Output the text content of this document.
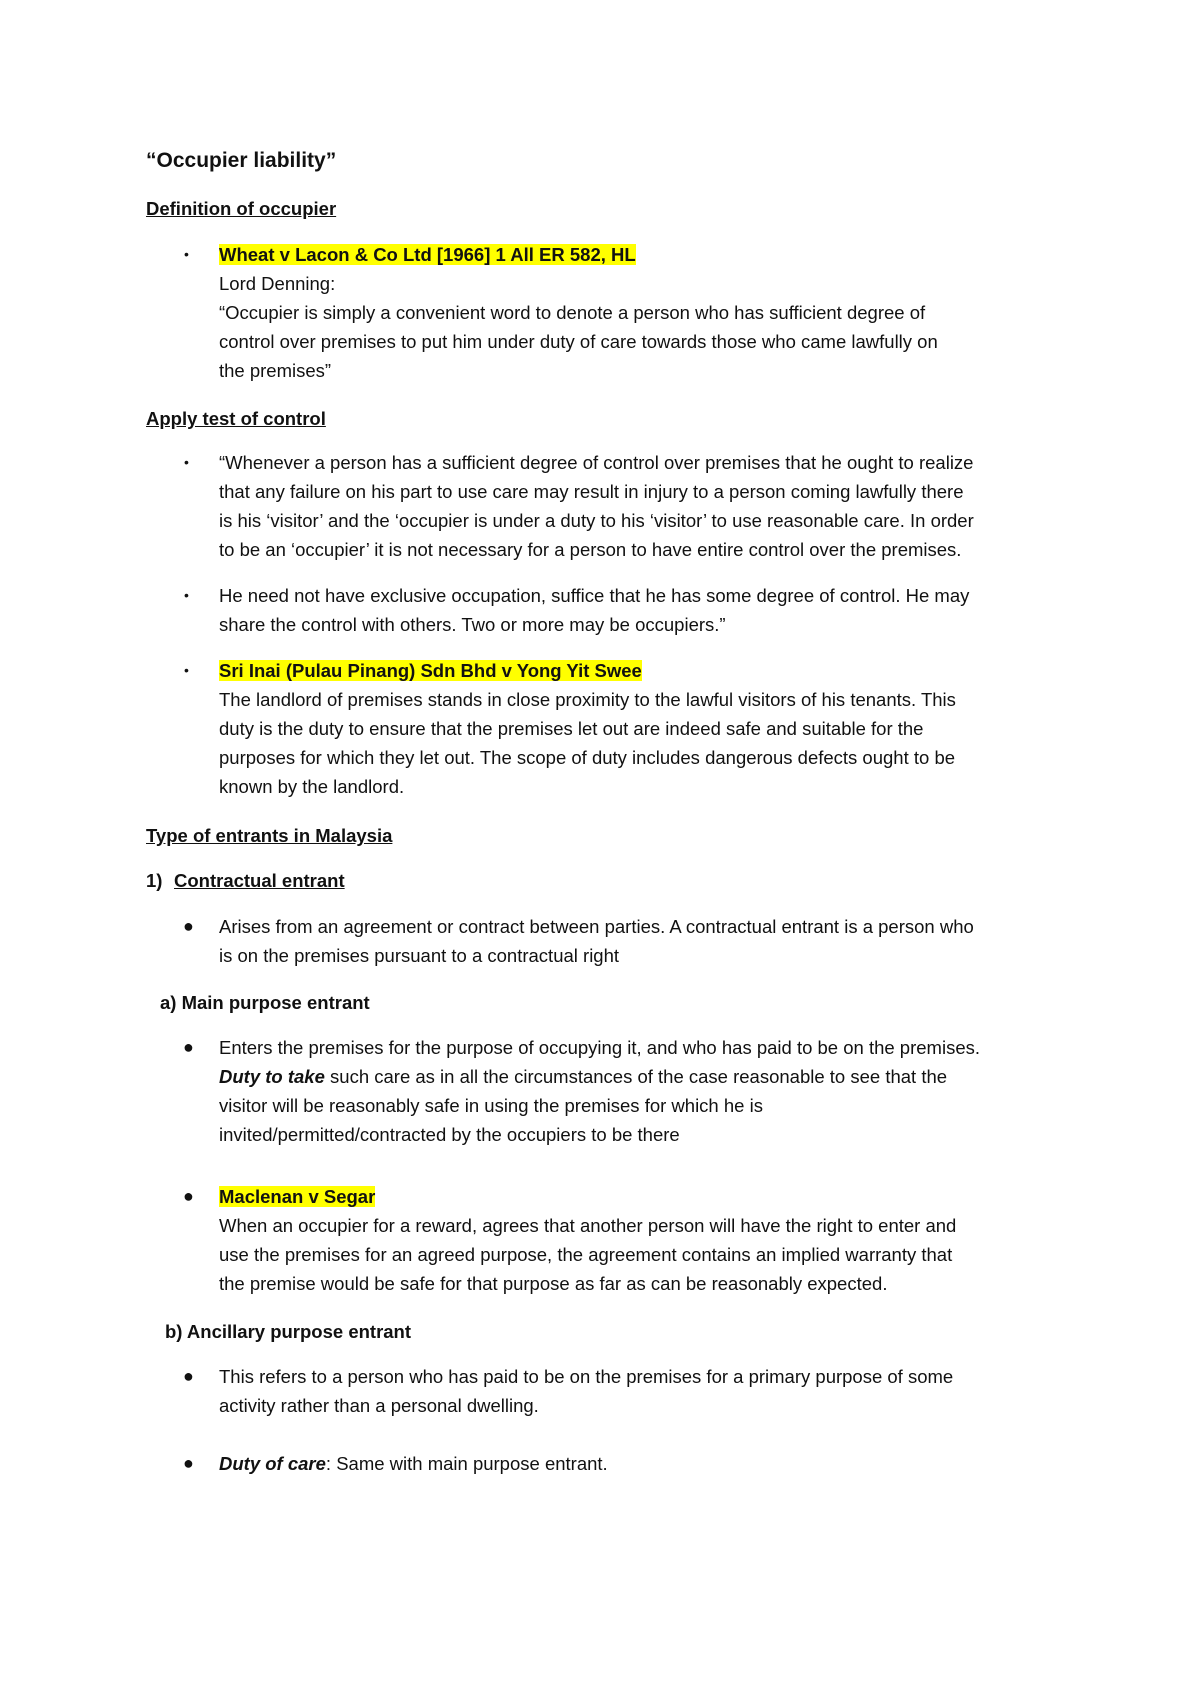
“Occupier liability”
Definition of occupier
• Wheat v Lacon & Co Ltd [1966] 1 All ER 582, HL
Lord Denning:
“Occupier is simply a convenient word to denote a person who has sufficient degree of
control over premises to put him under duty of care towards those who came lawfully on
the premises”
Apply test of control
• “Whenever a person has a sufficient degree of control over premises that he ought to realize
that any failure on his part to use care may result in injury to a person coming lawfully there
is his ‘visitor’ and the ‘occupier is under a duty to his ‘visitor’ to use reasonable care. In order
to be an ‘occupier’ it is not necessary for a person to have entire control over the premises.
• He need not have exclusive occupation, suffice that he has some degree of control. He may
share the control with others. Two or more may be occupiers.”
• Sri Inai (Pulau Pinang) Sdn Bhd v Yong Yit Swee
The landlord of premises stands in close proximity to the lawful visitors of his tenants. This
duty is the duty to ensure that the premises let out are indeed safe and suitable for the
purposes for which they let out. The scope of duty includes dangerous defects ought to be
known by the landlord.
Type of entrants in Malaysia
1) Contractual entrant
● Arises from an agreement or contract between parties. A contractual entrant is a person who
is on the premises pursuant to a contractual right
a) Main purpose entrant
● Enters the premises for the purpose of occupying it, and who has paid to be on the premises.
Duty to take such care as in all the circumstances of the case reasonable to see that the
visitor will be reasonably safe in using the premises for which he is
invited/permitted/contracted by the occupiers to be there
● Maclenan v Segar
When an occupier for a reward, agrees that another person will have the right to enter and
use the premises for an agreed purpose, the agreement contains an implied warranty that
the premise would be safe for that purpose as far as can be reasonably expected.
b) Ancillary purpose entrant
● This refers to a person who has paid to be on the premises for a primary purpose of some
activity rather than a personal dwelling.
● Duty of care: Same with main purpose entrant.
